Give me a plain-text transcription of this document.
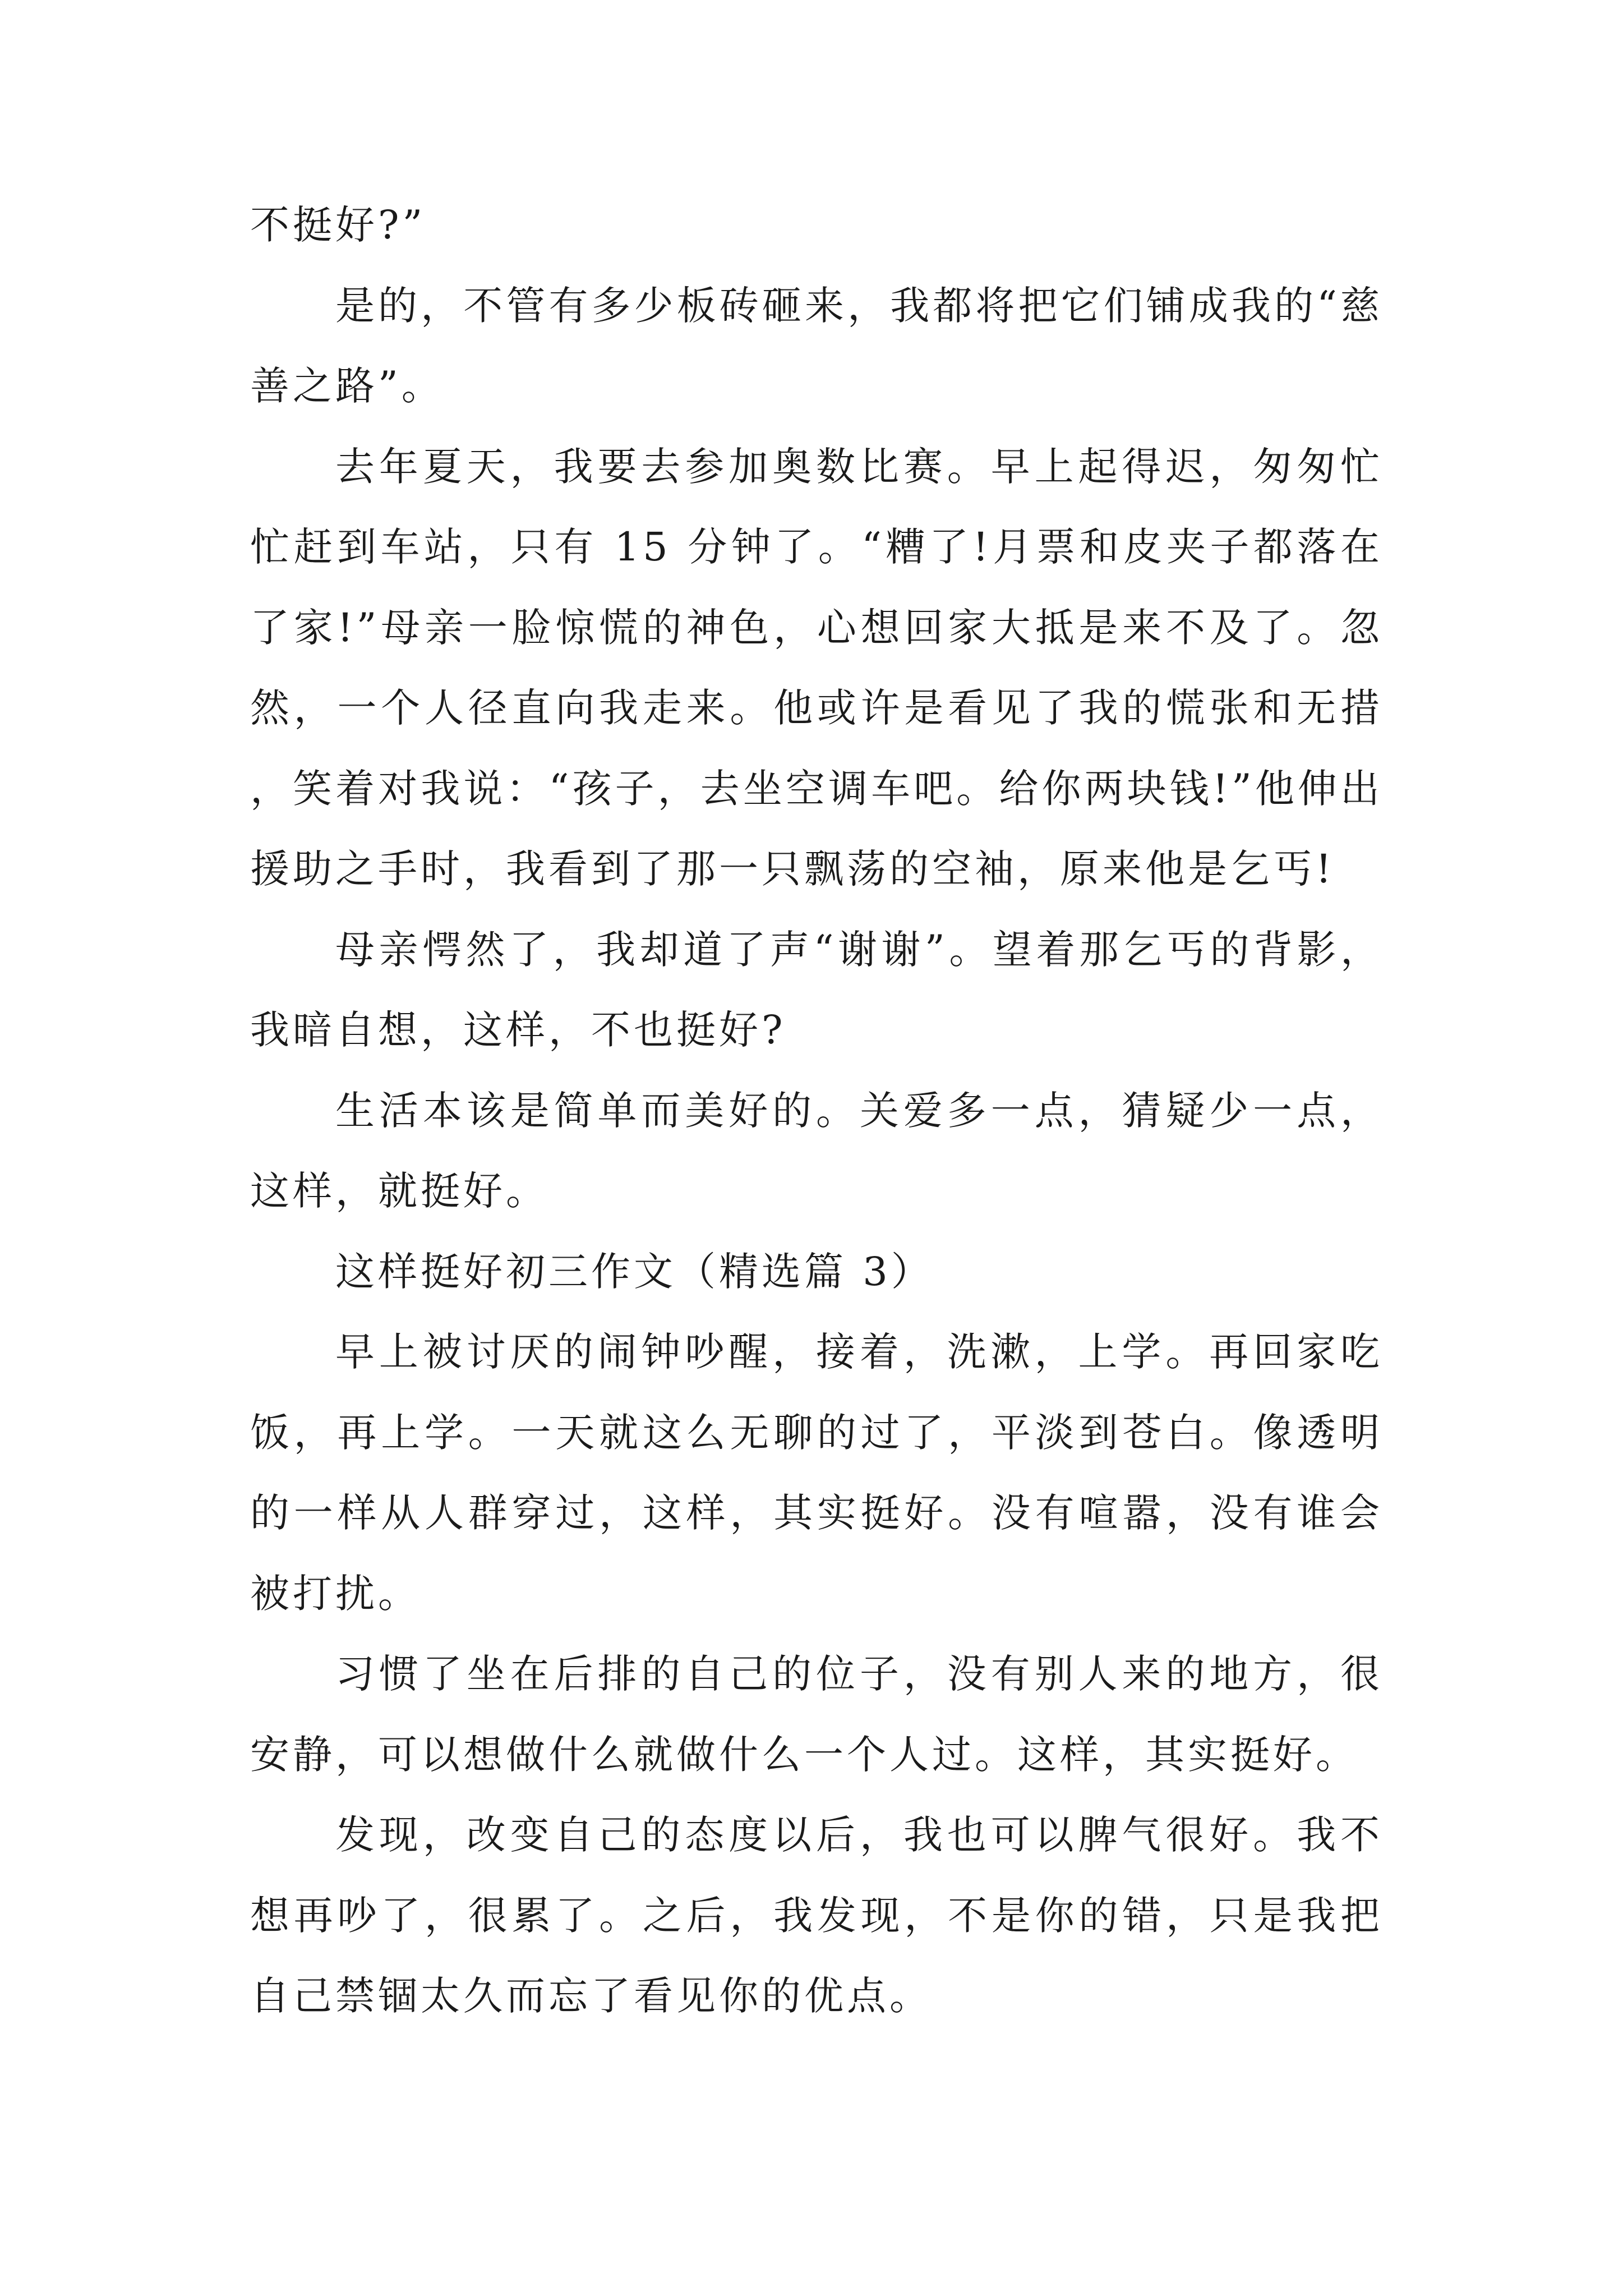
不挺好?”

是的，不管有多少板砖砸来，我都将把它们铺成我的“慈善之路”。

去年夏天，我要去参加奥数比赛。早上起得迟，匆匆忙忙赶到车站，只有 15 分钟了。“糟了!月票和皮夹子都落在了家!”母亲一脸惊慌的神色，心想回家大抵是来不及了。忽然，一个人径直向我走来。他或许是看见了我的慌张和无措，笑着对我说：“孩子，去坐空调车吧。给你两块钱!”他伸出援助之手时，我看到了那一只飘荡的空袖，原来他是乞丐!

母亲愕然了，我却道了声“谢谢”。望着那乞丐的背影，我暗自想，这样，不也挺好?

生活本该是简单而美好的。关爱多一点，猜疑少一点，这样，就挺好。

这样挺好初三作文（精选篇 3）

早上被讨厌的闹钟吵醒，接着，洗漱，上学。再回家吃饭，再上学。一天就这么无聊的过了，平淡到苍白。像透明的一样从人群穿过，这样，其实挺好。没有喧嚣，没有谁会被打扰。

习惯了坐在后排的自己的位子，没有别人来的地方，很安静，可以想做什么就做什么一个人过。这样，其实挺好。

发现，改变自己的态度以后，我也可以脾气很好。我不想再吵了，很累了。之后，我发现，不是你的错，只是我把自己禁锢太久而忘了看见你的优点。
